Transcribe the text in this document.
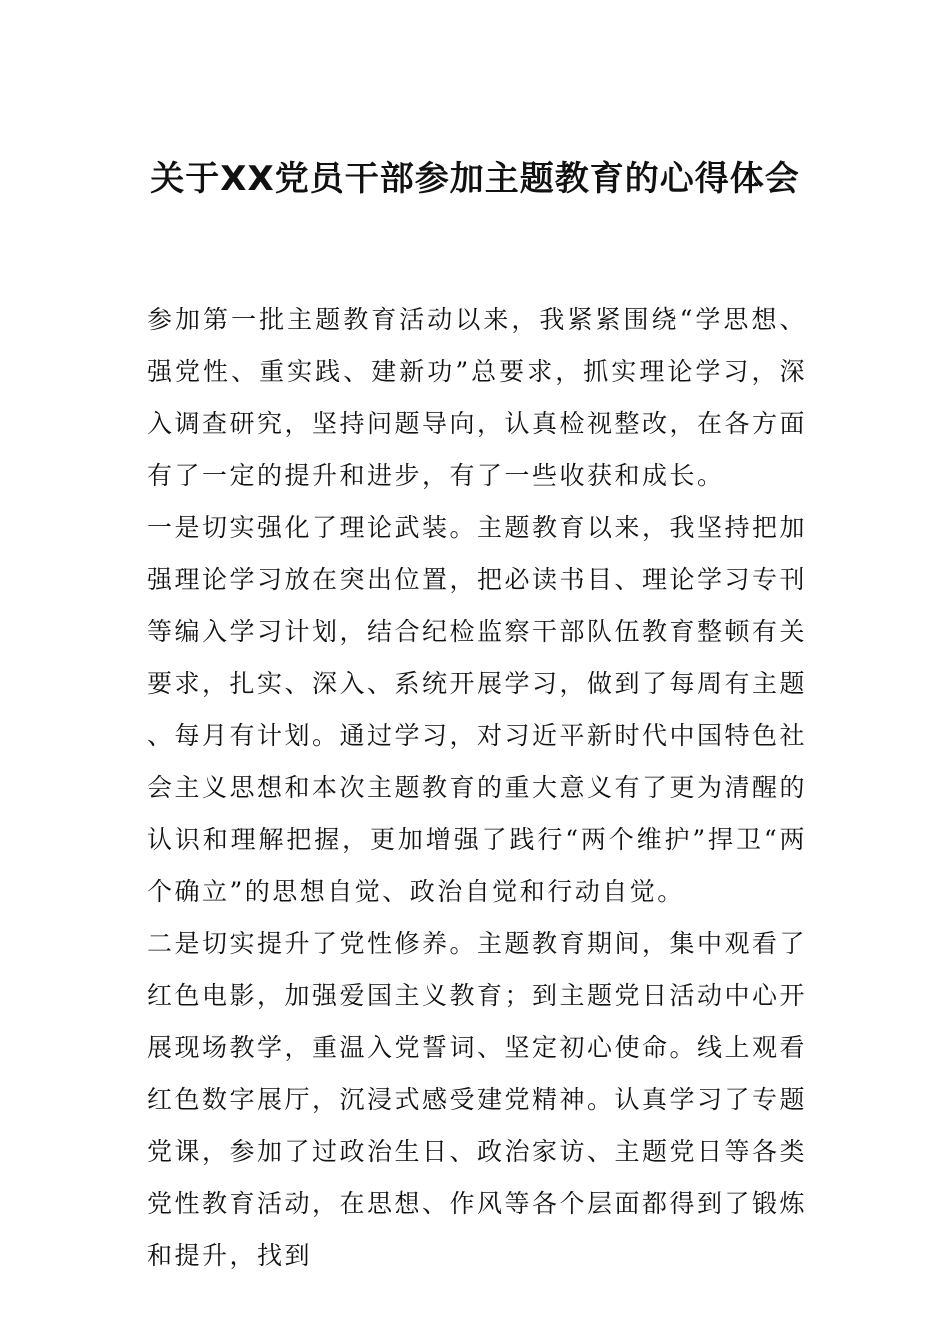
关于XX党员干部参加主题教育的心得体会

参加第一批主题教育活动以来，我紧紧围绕“学思想、强党性、重实践、建新功”总要求，抓实理论学习，深入调查研究，坚持问题导向，认真检视整改，在各方面有了一定的提升和进步，有了一些收获和成长。

一是切实强化了理论武装。主题教育以来，我坚持把加强理论学习放在突出位置，把必读书目、理论学习专刊等编入学习计划，结合纪检监察干部队伍教育整顿有关要求，扎实、深入、系统开展学习，做到了每周有主题、每月有计划。通过学习，对习近平新时代中国特色社会主义思想和本次主题教育的重大意义有了更为清醒的认识和理解把握，更加增强了践行“两个维护”捍卫“两个确立”的思想自觉、政治自觉和行动自觉。

二是切实提升了党性修养。主题教育期间，集中观看了红色电影，加强爱国主义教育；到主题党日活动中心开展现场教学，重温入党誓词、坚定初心使命。线上观看红色数字展厅，沉浸式感受建党精神。认真学习了专题党课，参加了过政治生日、政治家访、主题党日等各类党性教育活动，在思想、作风等各个层面都得到了锻炼和提升，找到
